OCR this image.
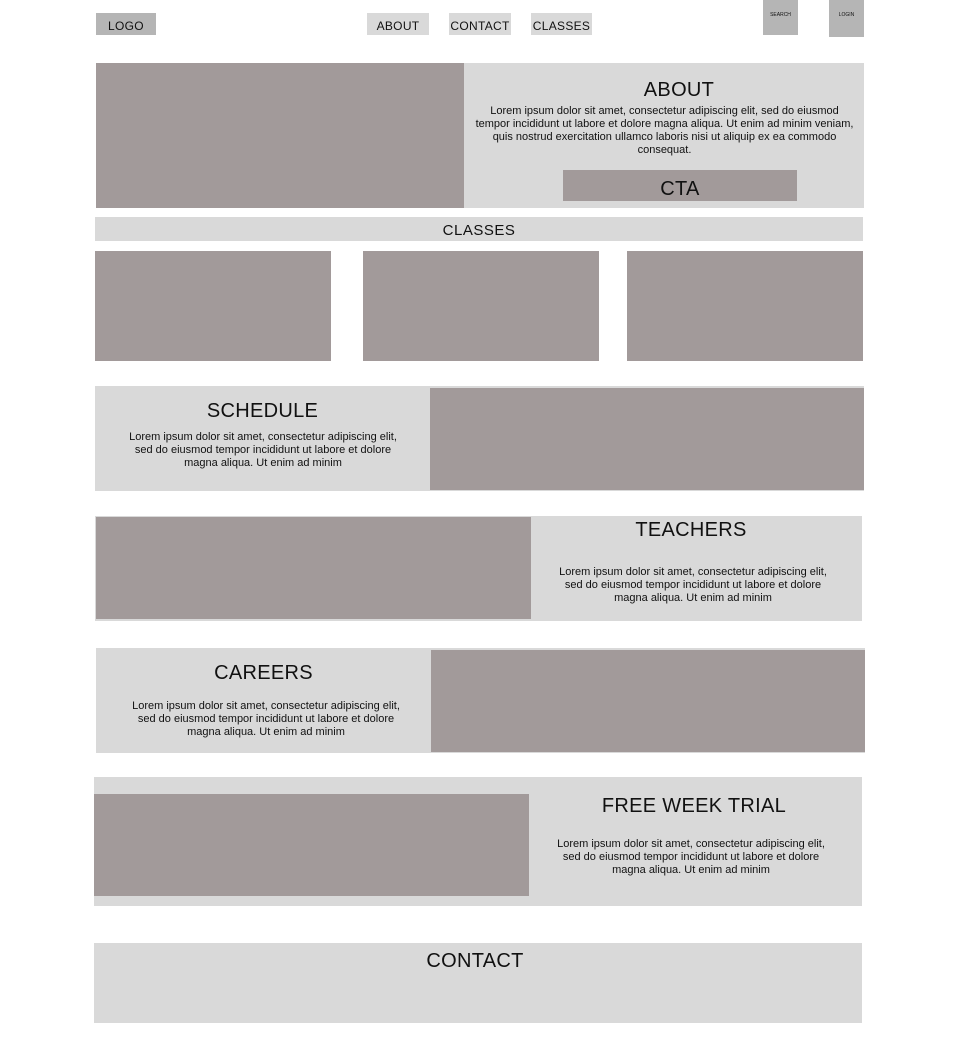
LOGO	ABOUT	CONTACT CLASSES
SEARCH	LOGIN
ABOUT
Lorem ipsum dolor sit amet, consectetur adipiscing elit, sed do eiusmod tempor incididunt ut labore et dolore magna aliqua. Ut enim ad minim veniam, quis nostrud exercitation ullamco laboris nisi ut aliquip ex ea commodo consequat.
CTA
CLASSES
SCHEDULE
Lorem ipsum dolor sit amet, consectetur adipiscing elit, sed do eiusmod tempor incididunt ut labore et dolore magna aliqua. Ut enim ad minim
TEACHERS
Lorem ipsum dolor sit amet, consectetur adipiscing elit, sed do eiusmod tempor incididunt ut labore et dolore magna aliqua. Ut enim ad minim
CAREERS
Lorem ipsum dolor sit amet, consectetur adipiscing elit, sed do eiusmod tempor incididunt ut labore et dolore magna aliqua. Ut enim ad minim
FREE WEEK TRIAL
Lorem ipsum dolor sit amet, consectetur adipiscing elit, sed do eiusmod tempor incididunt ut labore et dolore magna aliqua. Ut enim ad minim
CONTACT
